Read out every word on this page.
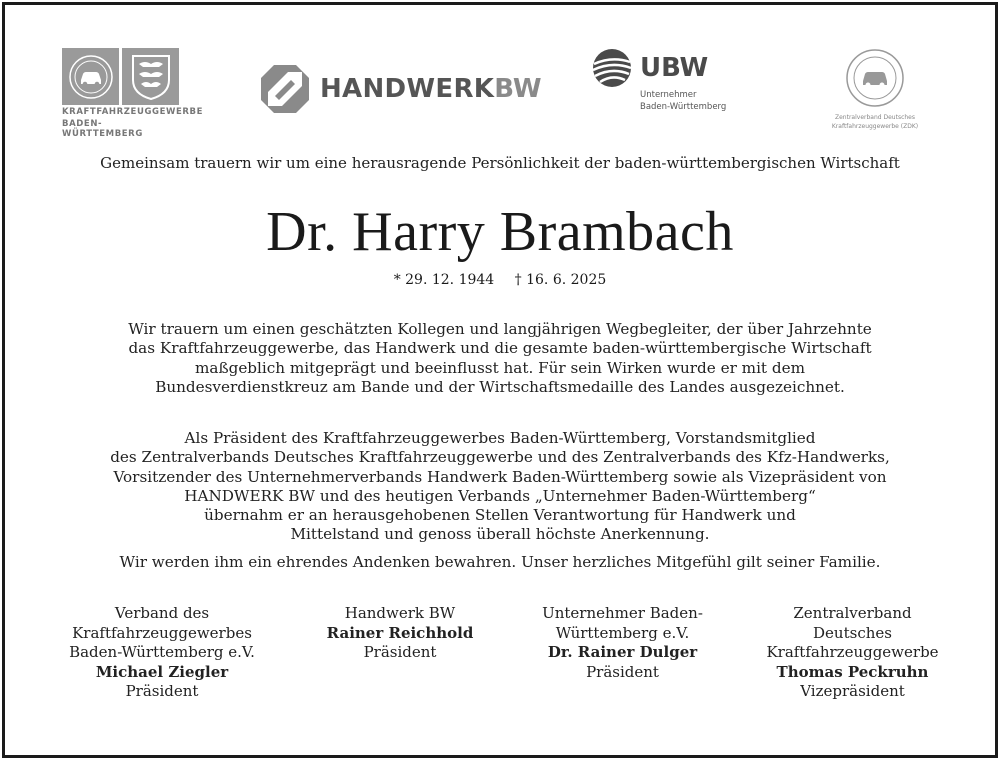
KRAFTFAHRZEUGGEWERBE
BADEN-WÜRTTEMBERG
HANDWERKBW
UBW
Unternehmer
Baden-Württemberg
Zentralverband Deutsches
Kraftfahrzeuggewerbe (ZDK)
Gemeinsam trauern wir um eine herausragende Persönlichkeit der baden-württembergischen Wirtschaft
Dr. Harry Brambach
* 29. 12. 1944 † 16. 6. 2025
Wir trauern um einen geschätzten Kollegen und langjährigen Wegbegleiter, der über Jahrzehnte
das Kraftfahrzeuggewerbe, das Handwerk und die gesamte baden-württembergische Wirtschaft
maßgeblich mitgeprägt und beeinflusst hat. Für sein Wirken wurde er mit dem
Bundesverdienstkreuz am Bande und der Wirtschaftsmedaille des Landes ausgezeichnet.
Als Präsident des Kraftfahrzeuggewerbes Baden-Württemberg, Vorstandsmitglied
des Zentralverbands Deutsches Kraftfahrzeuggewerbe und des Zentralverbands des Kfz-Handwerks,
Vorsitzender des Unternehmerverbands Handwerk Baden-Württemberg sowie als Vizepräsident von
HANDWERK BW und des heutigen Verbands „Unternehmer Baden-Württemberg“
übernahm er an herausgehobenen Stellen Verantwortung für Handwerk und
Mittelstand und genoss überall höchste Anerkennung.
Wir werden ihm ein ehrendes Andenken bewahren. Unser herzliches Mitgefühl gilt seiner Familie.
Verband des
Kraftfahrzeuggewerbes
Baden-Württemberg e.V.
Michael Ziegler
Präsident
Handwerk BW
Rainer Reichhold
Präsident
Unternehmer Baden-
Württemberg e.V.
Dr. Rainer Dulger
Präsident
Zentralverband
Deutsches
Kraftfahrzeuggewerbe
Thomas Peckruhn
Vizepräsident
